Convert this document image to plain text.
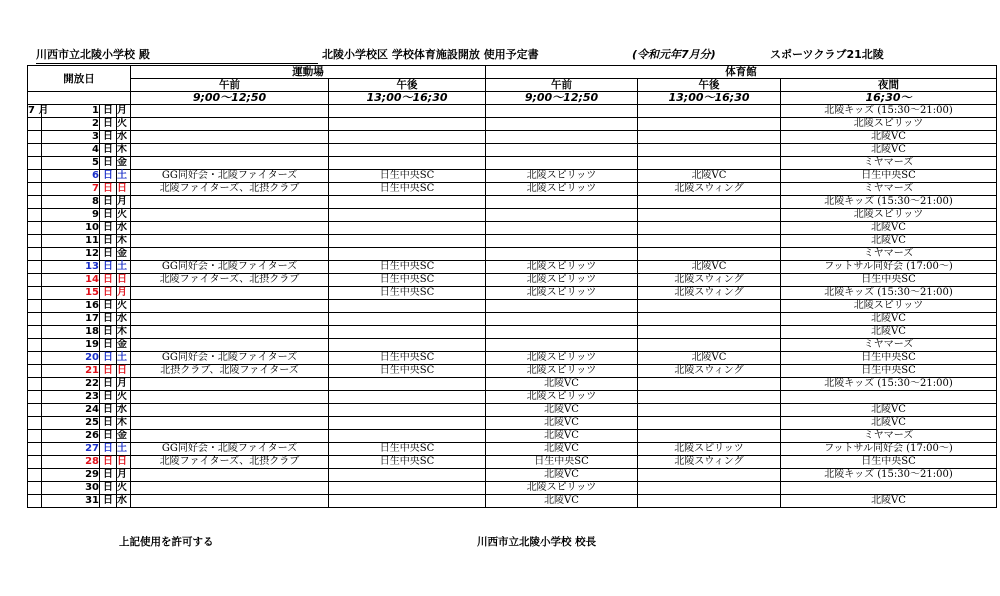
川西市立北陵小学校 殿	北陵小学校区 学校体育施設開放 使用予定書	(令和元年7月分)	スポーツクラブ21北陵
開放日				運動場		体育館		
				午前	午後	午前	午後	夜間
				9;00～12;50	13;00～16;30	9;00～12;50	13;00～16;30	16;30～
7 月	1	日	月					北陵キッズ (15:30～21:00)
	2	日	火					北陵スピリッツ
	3	日	水					北陵VC
	4	日	木					北陵VC
	5	日	金					ミヤマーズ
	6	日	土	GG同好会・北陵ファイターズ	日生中央SC	北陵スピリッツ	北陵VC	日生中央SC
	7	日	日	北陵ファイターズ、北摂クラブ	日生中央SC	北陵スピリッツ	北陵スウィング	ミヤマーズ
	8	日	月					北陵キッズ (15:30～21:00)
	9	日	火					北陵スピリッツ
	10	日	水					北陵VC
	11	日	木					北陵VC
	12	日	金					ミヤマーズ
	13	日	土	GG同好会・北陵ファイターズ	日生中央SC	北陵スピリッツ	北陵VC	フットサル同好会 (17:00～)
	14	日	日	北陵ファイターズ、北摂クラブ	日生中央SC	北陵スピリッツ	北陵スウィング	日生中央SC
	15	日	月		日生中央SC	北陵スピリッツ	北陵スウィング	北陵キッズ (15:30～21:00)
	16	日	火					北陵スピリッツ
	17	日	水					北陵VC
	18	日	木					北陵VC
	19	日	金					ミヤマーズ
	20	日	土	GG同好会・北陵ファイターズ	日生中央SC	北陵スピリッツ	北陵VC	日生中央SC
	21	日	日	北摂クラブ、北陵ファイターズ	日生中央SC	北陵スピリッツ	北陵スウィング	日生中央SC
	22	日	月			北陵VC		北陵キッズ (15:30～21:00)
	23	日	火			北陵スピリッツ		
	24	日	水			北陵VC		北陵VC
	25	日	木			北陵VC		北陵VC
	26	日	金			北陵VC		ミヤマーズ
	27	日	土	GG同好会・北陵ファイターズ	日生中央SC	北陵VC	北陵スピリッツ	フットサル同好会 (17:00～)
	28	日	日	北陵ファイターズ、北摂クラブ	日生中央SC	日生中央SC	北陵スウィング	日生中央SC
	29	日	月			北陵VC		北陵キッズ (15:30～21:00)
	30	日	火			北陵スピリッツ		
	31	日	水			北陵VC		北陵VC
上記使用を許可する	川西市立北陵小学校 校長
